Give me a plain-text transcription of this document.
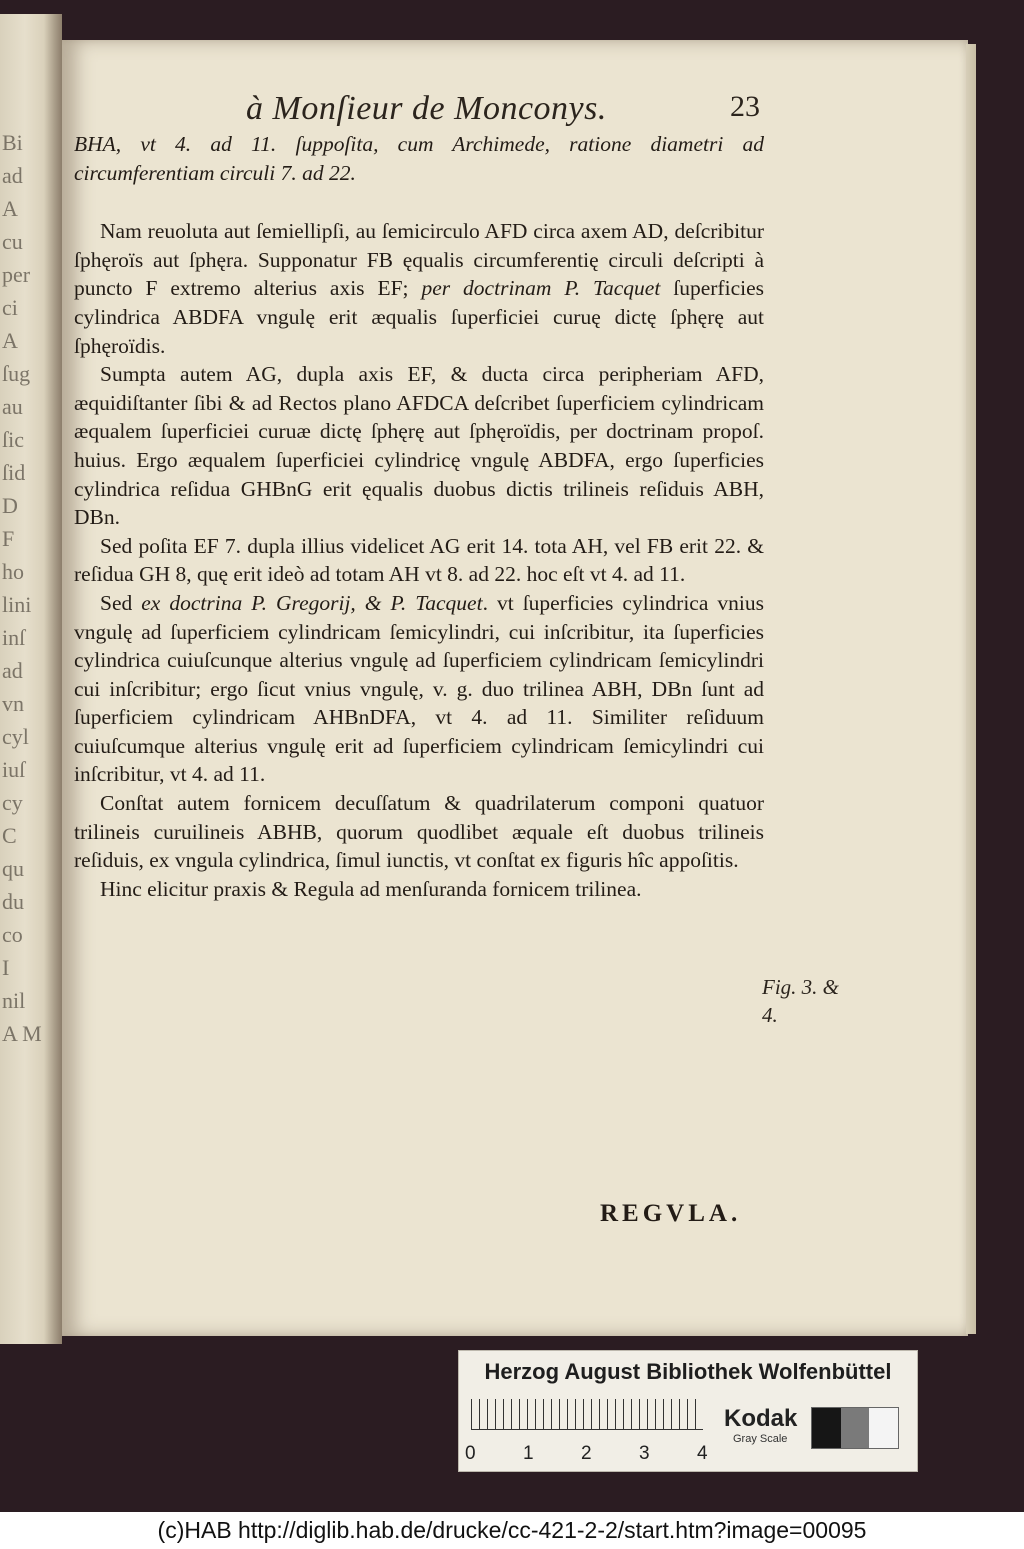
Bi
ad
A
cu
per
ci
A
ſug
au
ſic
ſid
D
F
ho
lini
inſ
ad
vn
cyl
iuſ
cy
C
qu
du
co
I
nil
A M
à Monſieur de Monconys.	23

BHA, vt 4. ad 11. ſuppoſita, cum Archimede, ratione diametri ad circumferentiam circuli 7. ad 22.

Nam reuoluta aut ſemiellipſi, au ſemicirculo AFD circa axem AD, deſcribitur ſphęroïs aut ſphęra. Supponatur FB ęqualis circumferentię circuli deſcripti à puncto F extremo alterius axis EF; per doctrinam P. Tacquet ſuperficies cylindrica ABDFA vngulę erit æqualis ſuperficiei curuę dictę ſphęrę aut ſphęroïdis.

Sumpta autem AG, dupla axis EF, & ducta circa peripheriam AFD, æquidiſtanter ſibi & ad Rectos plano AFDCA deſcribet ſuperficiem cylindricam æqualem ſuperficiei curuæ dictę ſphęrę aut ſphęroïdis, per doctrinam propoſ. huius. Ergo æqualem ſuperficiei cylindricę vngulę ABDFA, ergo ſuperficies cylindrica reſidua GHBnG erit ęqualis duobus dictis trilineis reſiduis ABH, DBn.

Sed poſita EF 7. dupla illius videlicet AG erit 14. tota AH, vel FB erit 22. & reſidua GH 8, quę erit ideò ad totam AH vt 8. ad 22. hoc eſt vt 4. ad 11.

Sed ex doctrina P. Gregorij, & P. Tacquet. vt ſuperficies cylindrica vnius vngulę ad ſuperficiem cylindricam ſemicylindri, cui inſcribitur, ita ſuperficies cylindrica cuiuſcunque alterius vngulę ad ſuperficiem cylindricam ſemicylindri cui inſcribitur; ergo ſicut vnius vngulę, v. g. duo trilinea ABH, DBn ſunt ad ſuperficiem cylindricam AHBnDFA, vt 4. ad 11. Similiter reſiduum cuiuſcumque alterius vngulę erit ad ſuperficiem cylindricam ſemicylindri cui inſcribitur, vt 4. ad 11.

Conſtat autem fornicem decuſſatum & quadrilaterum componi quatuor trilineis curuilineis ABHB, quorum quodlibet æquale eſt duobus trilineis reſiduis, ex vngula cylindrica, ſimul iunctis, vt conſtat ex figuris hîc appoſitis.

Hinc elicitur praxis & Regula ad menſuranda fornicem trilinea.

Fig. 3. & 4.
REGVLA.
Herzog August Bibliothek Wolfenbüttel
0 1 2 3 4
Kodak
Gray Scale
(c)HAB http://diglib.hab.de/drucke/cc-421-2-2/start.htm?image=00095
